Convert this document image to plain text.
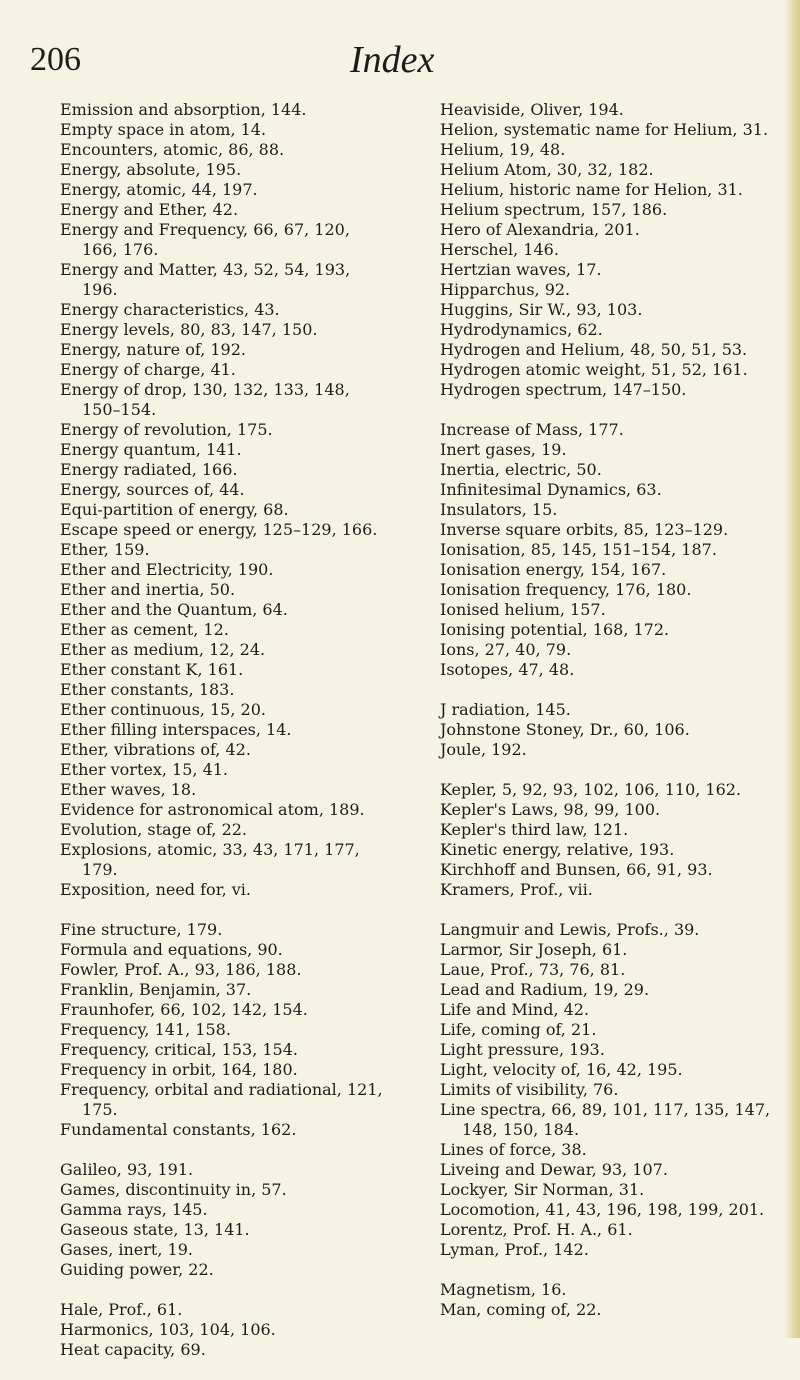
206	Index
Emission and absorption, 144.
Empty space in atom, 14.
Encounters, atomic, 86, 88.
Energy, absolute, 195.
Energy, atomic, 44, 197.
Energy and Ether, 42.
Energy and Frequency, 66, 67, 120, 166, 176.
Energy and Matter, 43, 52, 54, 193, 196.
Energy characteristics, 43.
Energy levels, 80, 83, 147, 150.
Energy, nature of, 192.
Energy of charge, 41.
Energy of drop, 130, 132, 133, 148, 150–154.
Energy of revolution, 175.
Energy quantum, 141.
Energy radiated, 166.
Energy, sources of, 44.
Equi-partition of energy, 68.
Escape speed or energy, 125–129, 166.
Ether, 159.
Ether and Electricity, 190.
Ether and inertia, 50.
Ether and the Quantum, 64.
Ether as cement, 12.
Ether as medium, 12, 24.
Ether constant K, 161.
Ether constants, 183.
Ether continuous, 15, 20.
Ether filling interspaces, 14.
Ether, vibrations of, 42.
Ether vortex, 15, 41.
Ether waves, 18.
Evidence for astronomical atom, 189.
Evolution, stage of, 22.
Explosions, atomic, 33, 43, 171, 177, 179.
Exposition, need for, vi.
Fine structure, 179.
Formula and equations, 90.
Fowler, Prof. A., 93, 186, 188.
Franklin, Benjamin, 37.
Fraunhofer, 66, 102, 142, 154.
Frequency, 141, 158.
Frequency, critical, 153, 154.
Frequency in orbit, 164, 180.
Frequency, orbital and radiational, 121, 175.
Fundamental constants, 162.
Galileo, 93, 191.
Games, discontinuity in, 57.
Gamma rays, 145.
Gaseous state, 13, 141.
Gases, inert, 19.
Guiding power, 22.
Hale, Prof., 61.
Harmonics, 103, 104, 106.
Heat capacity, 69.
Heaviside, Oliver, 194.
Helion, systematic name for Helium, 31.
Helium, 19, 48.
Helium Atom, 30, 32, 182.
Helium, historic name for Helion, 31.
Helium spectrum, 157, 186.
Hero of Alexandria, 201.
Herschel, 146.
Hertzian waves, 17.
Hipparchus, 92.
Huggins, Sir W., 93, 103.
Hydrodynamics, 62.
Hydrogen and Helium, 48, 50, 51, 53.
Hydrogen atomic weight, 51, 52, 161.
Hydrogen spectrum, 147–150.
Increase of Mass, 177.
Inert gases, 19.
Inertia, electric, 50.
Infinitesimal Dynamics, 63.
Insulators, 15.
Inverse square orbits, 85, 123–129.
Ionisation, 85, 145, 151–154, 187.
Ionisation energy, 154, 167.
Ionisation frequency, 176, 180.
Ionised helium, 157.
Ionising potential, 168, 172.
Ions, 27, 40, 79.
Isotopes, 47, 48.
J radiation, 145.
Johnstone Stoney, Dr., 60, 106.
Joule, 192.
Kepler, 5, 92, 93, 102, 106, 110, 162.
Kepler's Laws, 98, 99, 100.
Kepler's third law, 121.
Kinetic energy, relative, 193.
Kirchhoff and Bunsen, 66, 91, 93.
Kramers, Prof., vii.
Langmuir and Lewis, Profs., 39.
Larmor, Sir Joseph, 61.
Laue, Prof., 73, 76, 81.
Lead and Radium, 19, 29.
Life and Mind, 42.
Life, coming of, 21.
Light pressure, 193.
Light, velocity of, 16, 42, 195.
Limits of visibility, 76.
Line spectra, 66, 89, 101, 117, 135, 147, 148, 150, 184.
Lines of force, 38.
Liveing and Dewar, 93, 107.
Lockyer, Sir Norman, 31.
Locomotion, 41, 43, 196, 198, 199, 201.
Lorentz, Prof. H. A., 61.
Lyman, Prof., 142.
Magnetism, 16.
Man, coming of, 22.
